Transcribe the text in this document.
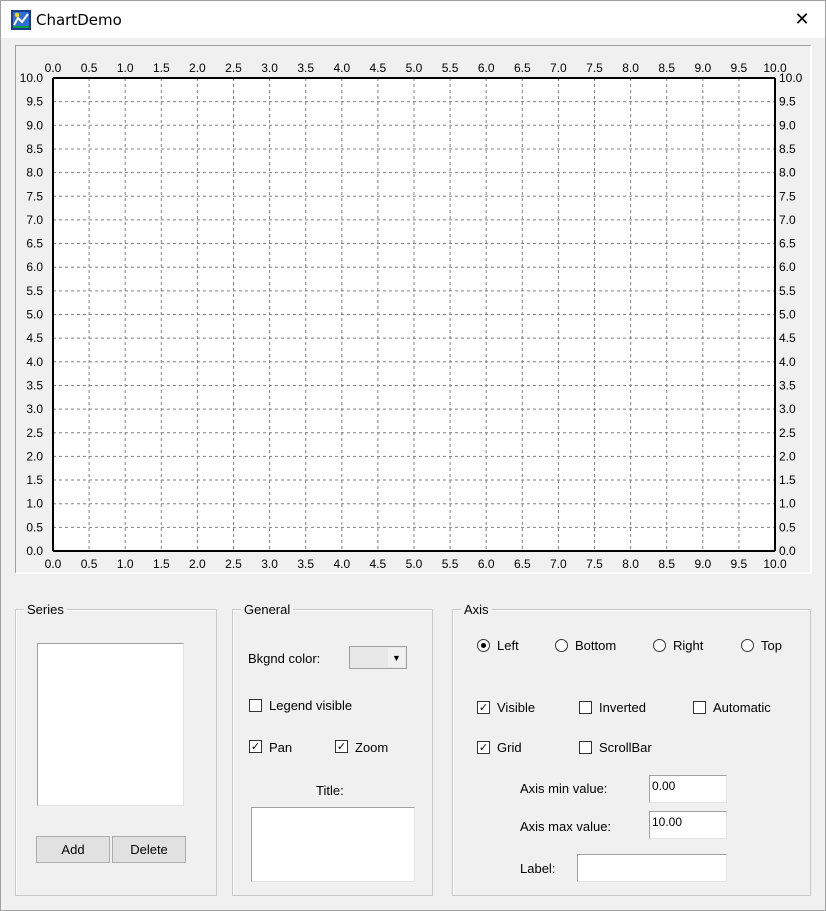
ChartDemo	✕
0.0
0.0
0.5
0.5
1.0
1.0
1.5
1.5
2.0
2.0
2.5
2.5
3.0
3.0
3.5
3.5
4.0
4.0
4.5
4.5
5.0
5.0
5.5
5.5
6.0
6.0
6.5
6.5
7.0
7.0
7.5
7.5
8.0
8.0
8.5
8.5
9.0
9.0
9.5
9.5
10.0
10.0
0.0	0.0
0.5	0.5
1.0	1.0
1.5	1.5
2.0	2.0
2.5	2.5
3.0	3.0
3.5	3.5
4.0	4.0
4.5	4.5
5.0	5.0
5.5	5.5
6.0	6.0
6.5	6.5
7.0	7.0
7.5	7.5
8.0	8.0
8.5	8.5
9.0	9.0
9.5	9.5
10.0	10.0
Series
Add	Delete
General
Bkgnd color:	▼
Legend visible
✓ Pan	✓ Zoom
Title:
Axis
Left	Bottom	Right	Top
✓ Visible	Inverted	Automatic
✓ Grid	ScrollBar
Axis min value:	0.00
Axis max value:	10.00
Label:
